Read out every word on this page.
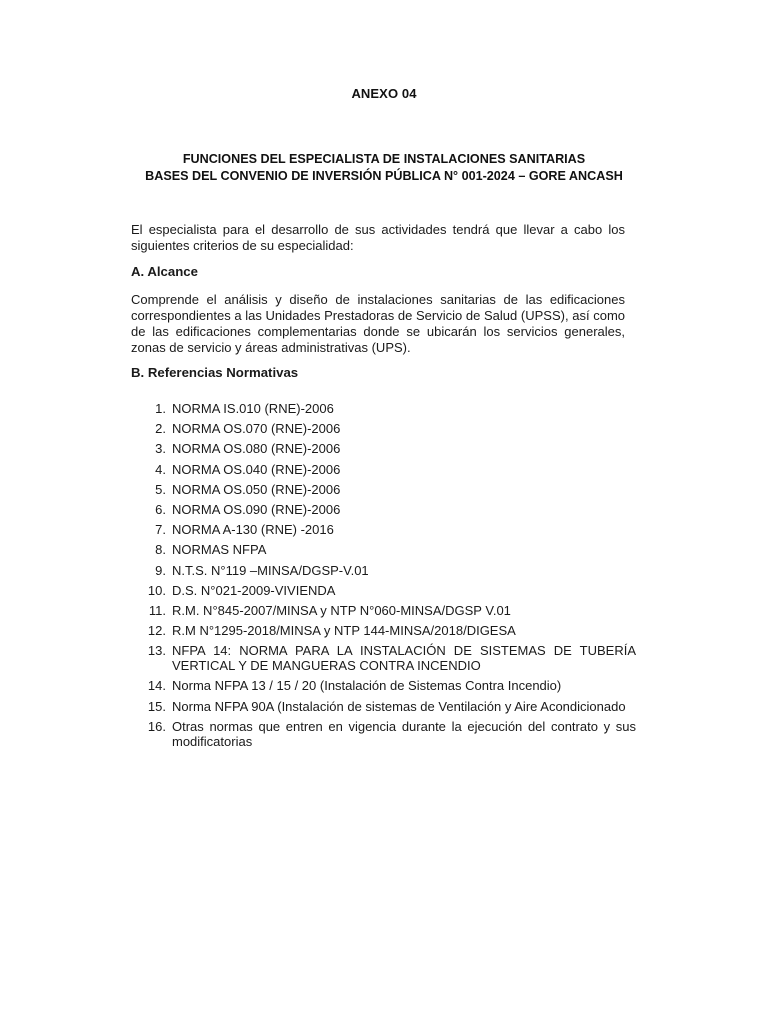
ANEXO 04
FUNCIONES DEL ESPECIALISTA DE INSTALACIONES SANITARIAS
BASES DEL CONVENIO DE INVERSIÓN PÚBLICA N° 001-2024 – GORE ANCASH
El especialista para el desarrollo de sus actividades tendrá que llevar a cabo los siguientes criterios de su especialidad:
A. Alcance
Comprende el análisis y diseño de instalaciones sanitarias de las edificaciones correspondientes a las Unidades Prestadoras de Servicio de Salud (UPSS), así como de las edificaciones complementarias donde se ubicarán los servicios generales, zonas de servicio y áreas administrativas (UPS).
B. Referencias Normativas
1. NORMA IS.010 (RNE)-2006
2. NORMA OS.070 (RNE)-2006
3. NORMA OS.080 (RNE)-2006
4. NORMA OS.040 (RNE)-2006
5. NORMA OS.050 (RNE)-2006
6. NORMA OS.090 (RNE)-2006
7. NORMA A-130 (RNE) -2016
8. NORMAS NFPA
9. N.T.S. N°119 –MINSA/DGSP-V.01
10. D.S. N°021-2009-VIVIENDA
11. R.M. N°845-2007/MINSA y NTP N°060-MINSA/DGSP V.01
12. R.M N°1295-2018/MINSA y NTP 144-MINSA/2018/DIGESA
13. NFPA 14: NORMA PARA LA INSTALACIÓN DE SISTEMAS DE TUBERÍA VERTICAL Y DE MANGUERAS CONTRA INCENDIO
14. Norma NFPA 13 / 15 / 20 (Instalación de Sistemas Contra Incendio)
15. Norma NFPA 90A (Instalación de sistemas de Ventilación y Aire Acondicionado
16. Otras normas que entren en vigencia durante la ejecución del contrato y sus modificatorias
